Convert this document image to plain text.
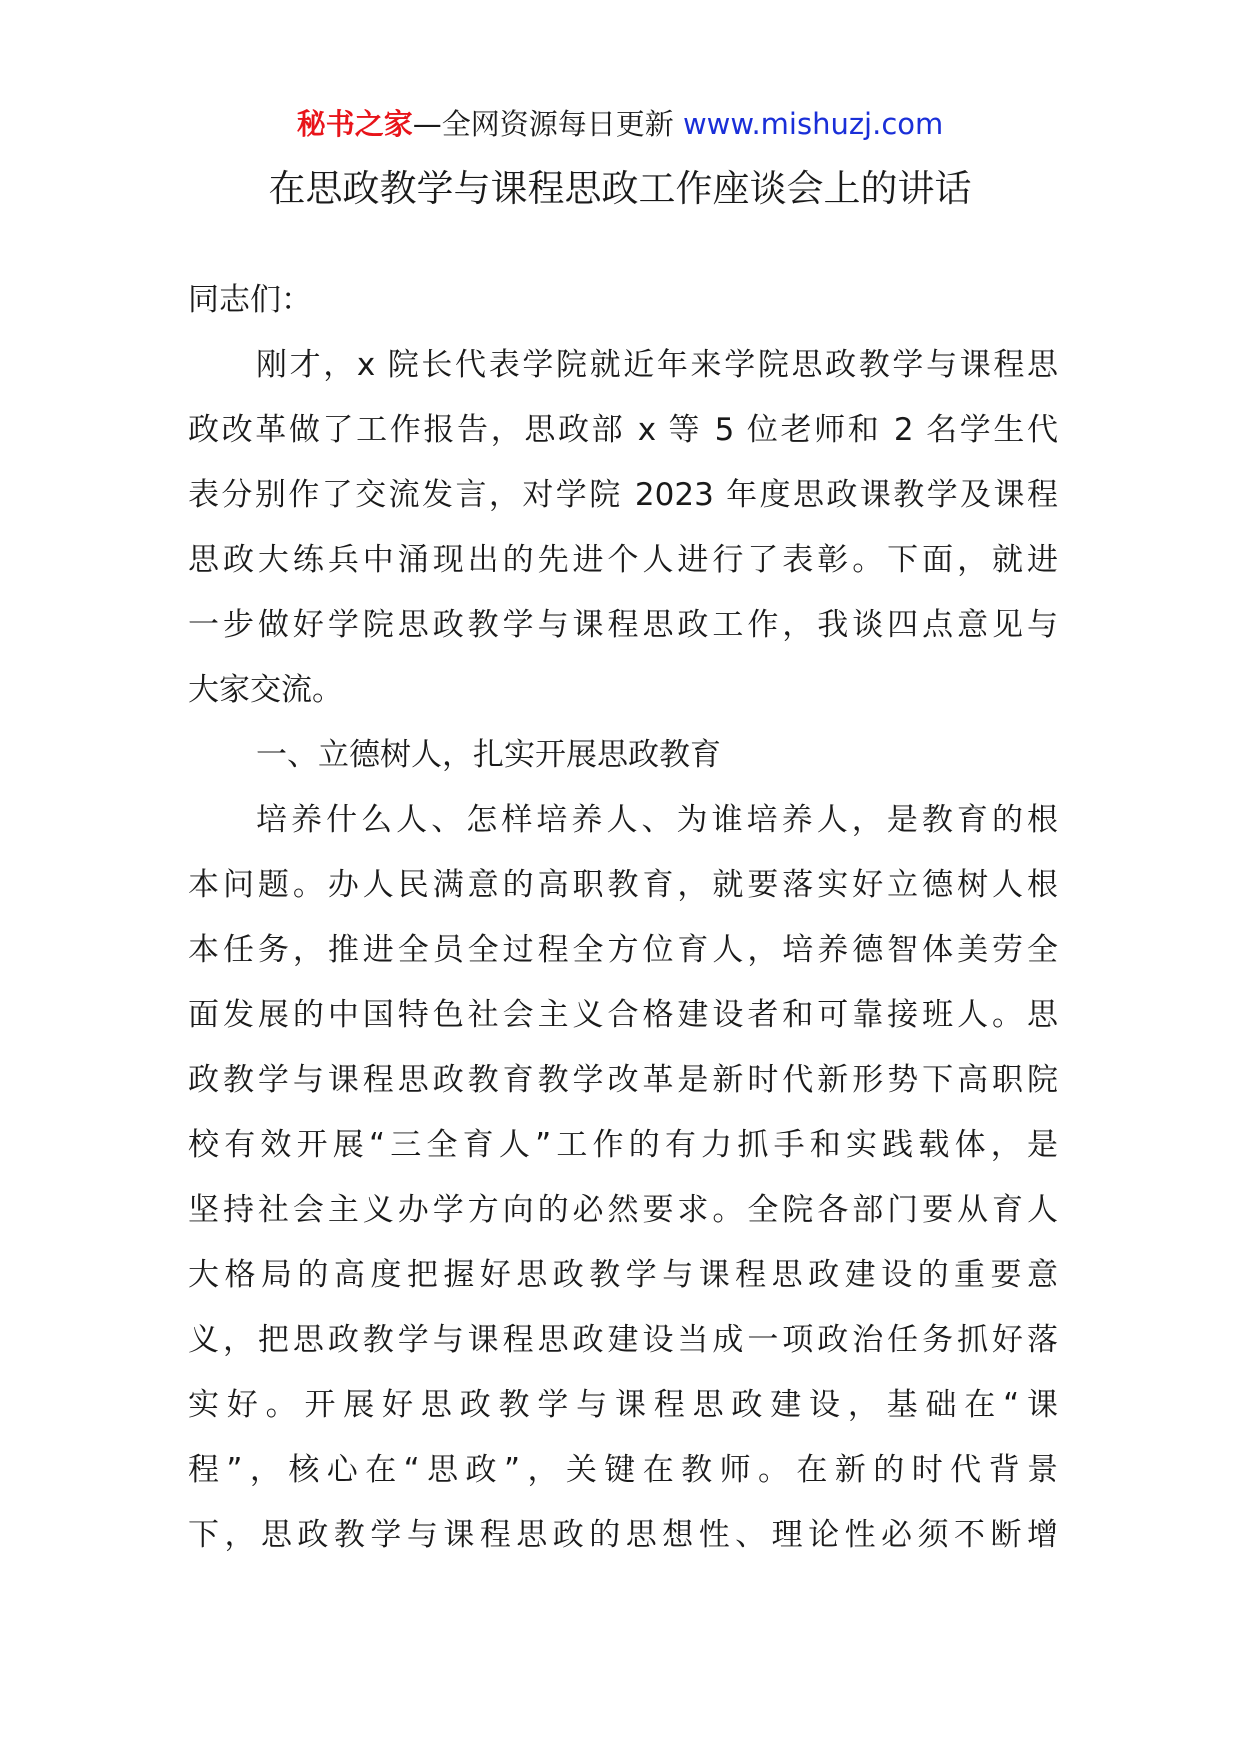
秘书之家—全网资源每日更新 www.mishuzj.com
在思政教学与课程思政工作座谈会上的讲话
同志们：
刚才，x 院长代表学院就近年来学院思政教学与课程思
政改革做了工作报告，思政部 x 等 5 位老师和 2 名学生代
表分别作了交流发言，对学院 2023 年度思政课教学及课程
思政大练兵中涌现出的先进个人进行了表彰。下面，就进
一步做好学院思政教学与课程思政工作，我谈四点意见与
大家交流。
一、立德树人，扎实开展思政教育
培养什么人、怎样培养人、为谁培养人，是教育的根
本问题。办人民满意的高职教育，就要落实好立德树人根
本任务，推进全员全过程全方位育人，培养德智体美劳全
面发展的中国特色社会主义合格建设者和可靠接班人。思
政教学与课程思政教育教学改革是新时代新形势下高职院
校有效开展“三全育人”工作的有力抓手和实践载体，是
坚持社会主义办学方向的必然要求。全院各部门要从育人
大格局的高度把握好思政教学与课程思政建设的重要意
义，把思政教学与课程思政建设当成一项政治任务抓好落
实好。开展好思政教学与课程思政建设，基础在“课
程”，核心在“思政”，关键在教师。在新的时代背景
下，思政教学与课程思政的思想性、理论性必须不断增
